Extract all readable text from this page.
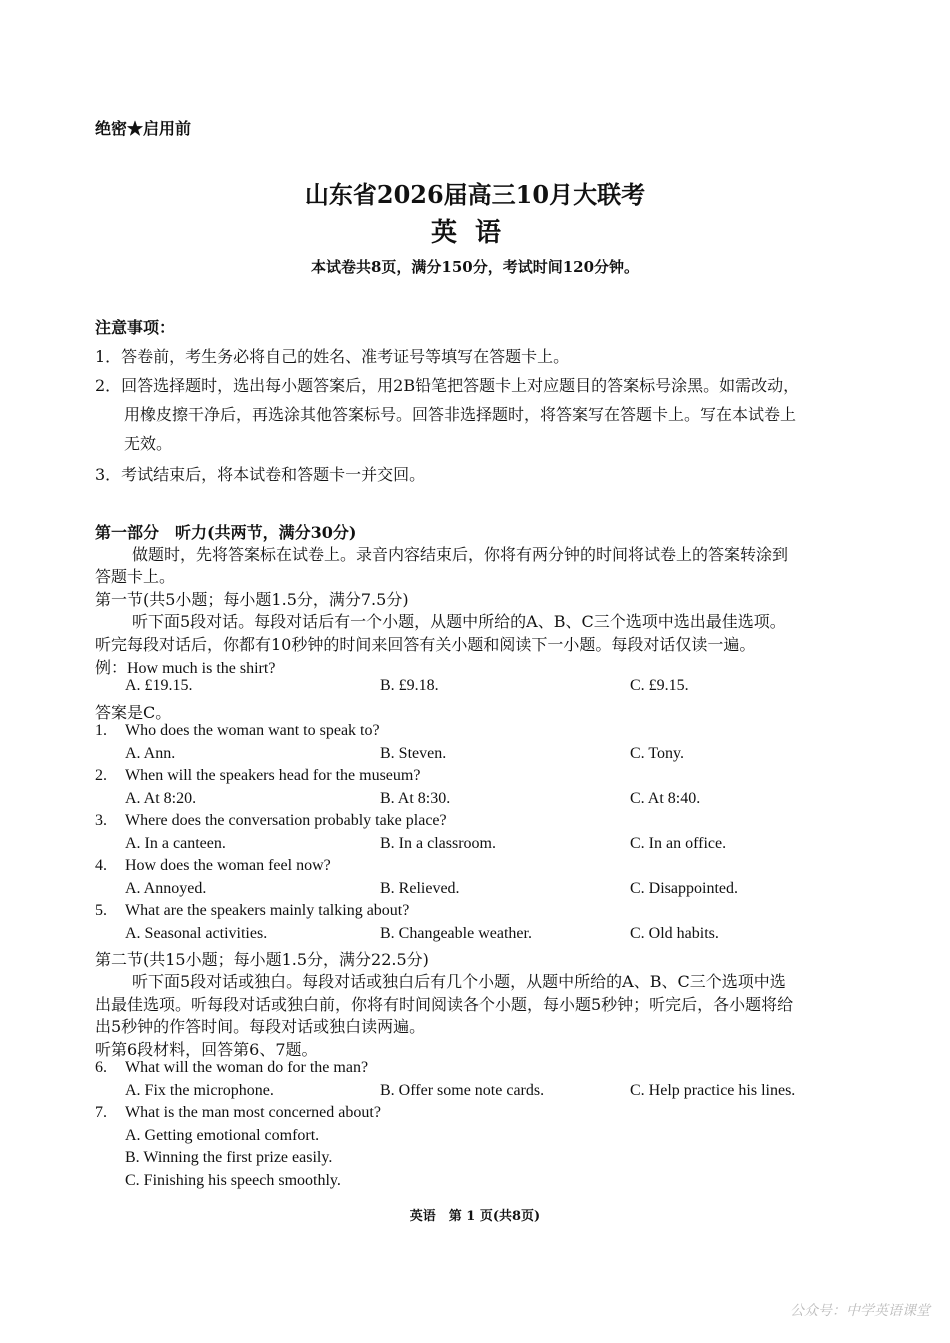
绝密★启用前
山东省2026届高三10月大联考
英语
本试卷共8页，满分150分，考试时间120分钟。
注意事项：
1．答卷前，考生务必将自己的姓名、准考证号等填写在答题卡上。
2．回答选择题时，选出每小题答案后，用2B铅笔把答题卡上对应题目的答案标号涂黑。如需改动，
用橡皮擦干净后，再选涂其他答案标号。回答非选择题时，将答案写在答题卡上。写在本试卷上
无效。
3．考试结束后，将本试卷和答题卡一并交回。
第一部分　听力(共两节，满分30分)
做题时，先将答案标在试卷上。录音内容结束后，你将有两分钟的时间将试卷上的答案转涂到
答题卡上。
第一节(共5小题；每小题1.5分，满分7.5分)
听下面5段对话。每段对话后有一个小题，从题中所给的A、B、C三个选项中选出最佳选项。
听完每段对话后，你都有10秒钟的时间来回答有关小题和阅读下一小题。每段对话仅读一遍。
例：How much is the shirt?
A. £19.15.	B. £9.18.	C. £9.15.
答案是C。
1. Who does the woman want to speak to?
A. Ann.	B. Steven.	C. Tony.
2. When will the speakers head for the museum?
A. At 8:20.	B. At 8:30.	C. At 8:40.
3. Where does the conversation probably take place?
A. In a canteen.	B. In a classroom.	C. In an office.
4. How does the woman feel now?
A. Annoyed.	B. Relieved.	C. Disappointed.
5. What are the speakers mainly talking about?
A. Seasonal activities.	B. Changeable weather.	C. Old habits.
第二节(共15小题；每小题1.5分，满分22.5分)
听下面5段对话或独白。每段对话或独白后有几个小题，从题中所给的A、B、C三个选项中选
出最佳选项。听每段对话或独白前，你将有时间阅读各个小题，每小题5秒钟；听完后，各小题将给
出5秒钟的作答时间。每段对话或独白读两遍。
听第6段材料，回答第6、7题。
6. What will the woman do for the man?
A. Fix the microphone.	B. Offer some note cards.	C. Help practice his lines.
7. What is the man most concerned about?
A. Getting emotional comfort.
B. Winning the first prize easily.
C. Finishing his speech smoothly.
英语　第 1 页(共8页)
公众号：中学英语课堂
